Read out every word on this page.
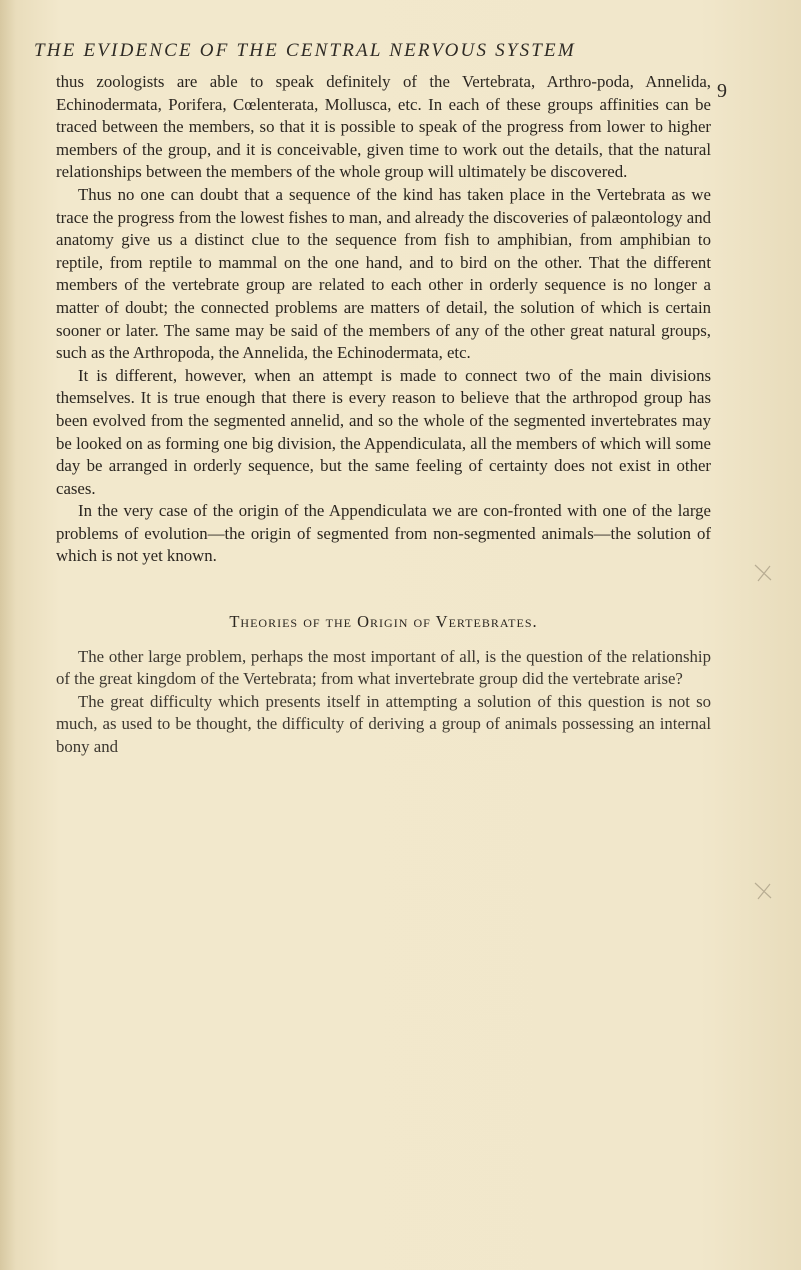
THE EVIDENCE OF THE CENTRAL NERVOUS SYSTEM
9

thus zoologists are able to speak definitely of the Vertebrata, Arthro-poda, Annelida, Echinodermata, Porifera, Cœlenterata, Mollusca, etc. In each of these groups affinities can be traced between the members, so that it is possible to speak of the progress from lower to higher members of the group, and it is conceivable, given time to work out the details, that the natural relationships between the members of the whole group will ultimately be discovered.

Thus no one can doubt that a sequence of the kind has taken place in the Vertebrata as we trace the progress from the lowest fishes to man, and already the discoveries of palæontology and anatomy give us a distinct clue to the sequence from fish to amphibian, from amphibian to reptile, from reptile to mammal on the one hand, and to bird on the other. That the different members of the vertebrate group are related to each other in orderly sequence is no longer a matter of doubt; the connected problems are matters of detail, the solution of which is certain sooner or later. The same may be said of the members of any of the other great natural groups, such as the Arthropoda, the Annelida, the Echinodermata, etc.

It is different, however, when an attempt is made to connect two of the main divisions themselves. It is true enough that there is every reason to believe that the arthropod group has been evolved from the segmented annelid, and so the whole of the segmented invertebrates may be looked on as forming one big division, the Appendiculata, all the members of which will some day be arranged in orderly sequence, but the same feeling of certainty does not exist in other cases.

In the very case of the origin of the Appendiculata we are con-fronted with one of the large problems of evolution—the origin of segmented from non-segmented animals—the solution of which is not yet known.

Theories of the Origin of Vertebrates.

The other large problem, perhaps the most important of all, is the question of the relationship of the great kingdom of the Vertebrata; from what invertebrate group did the vertebrate arise?

The great difficulty which presents itself in attempting a solution of this question is not so much, as used to be thought, the difficulty of deriving a group of animals possessing an internal bony and
